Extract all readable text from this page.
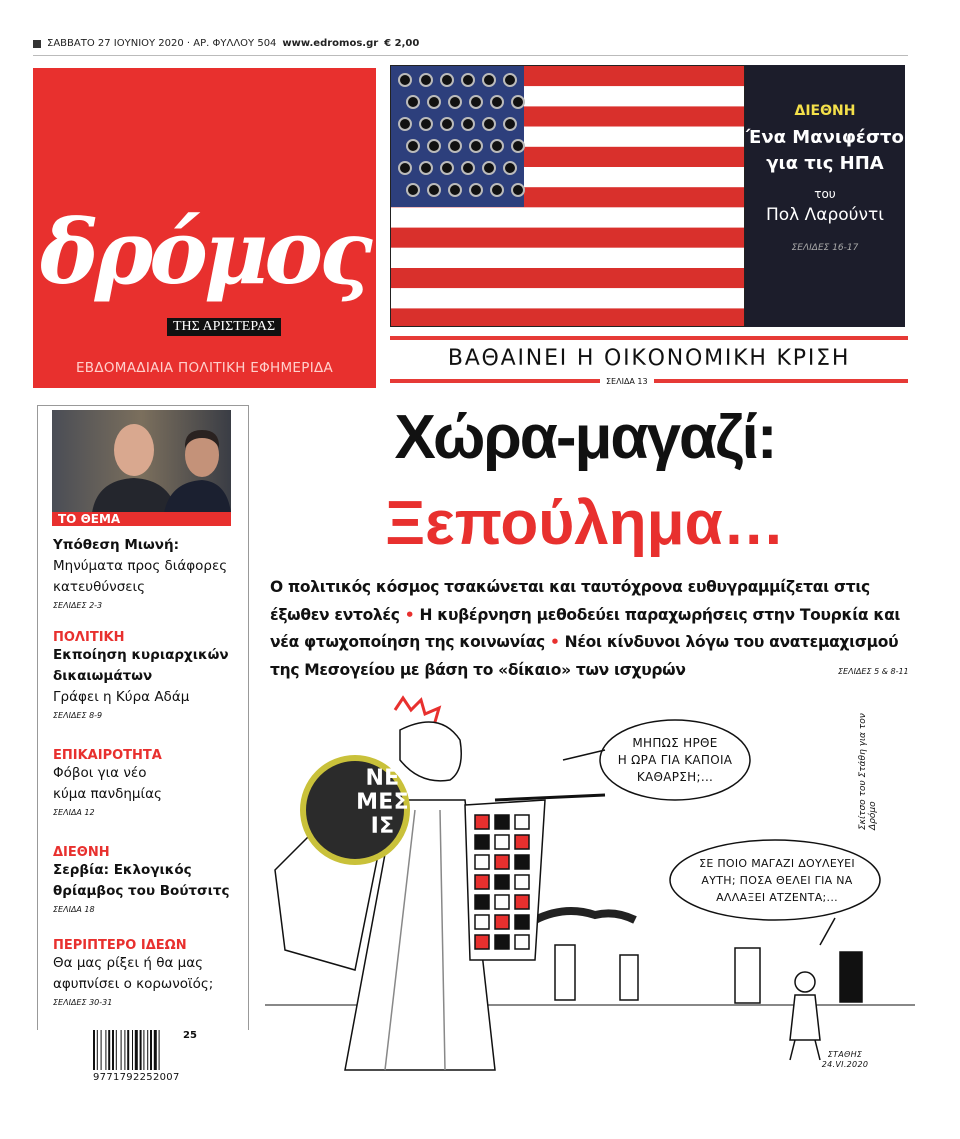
ΣΑΒΒΑΤΟ 27 ΙΟΥΝΙΟΥ 2020 · ΑΡ. ΦΥΛΛΟΥ 504 www.edromos.gr € 2,00
δρόμος
ΤΗΣ ΑΡΙΣΤΕΡΑΣ
ΕΒΔΟΜΑΔΙΑΙΑ ΠΟΛΙΤΙΚΗ ΕΦΗΜΕΡΙΔΑ
ΔΙΕΘΝΗ
Ένα Μανιφέστο για τις ΗΠΑ
του
Πολ Λαρούντι
ΣΕΛΙΔΕΣ 16-17
ΒΑΘΑΙΝΕΙ Η ΟΙΚΟΝΟΜΙΚΗ ΚΡΙΣΗ
ΣΕΛΙΔΑ 13
ΤΟ ΘΕΜΑ
Υπόθεση Μιωνή:
Μηνύματα προς διάφορες κατευθύνσεις
ΣΕΛΙΔΕΣ 2-3
ΠΟΛΙΤΙΚΗ
Εκποίηση κυριαρχικών δικαιωμάτων
Γράφει η Κύρα Αδάμ
ΣΕΛΙΔΕΣ 8-9
ΕΠΙΚΑΙΡΟΤΗΤΑ
Φόβοι για νέο κύμα πανδημίας
ΣΕΛΙΔΑ 12
ΔΙΕΘΝΗ
Σερβία: Εκλογικός θρίαμβος του Βούτσιτς
ΣΕΛΙΔΑ 18
ΠΕΡΙΠΤΕΡΟ ΙΔΕΩΝ
Θα μας ρίξει ή θα μας αφυπνίσει ο κορωνοϊός;
ΣΕΛΙΔΕΣ 30-31
Χώρα-μαγαζί:
Ξεπούλημα…
Ο πολιτικός κόσμος τσακώνεται και ταυτόχρονα ευθυγραμμίζεται στις έξωθεν εντολές • Η κυβέρνηση μεθοδεύει παραχωρήσεις στην Τουρκία και νέα φτωχοποίηση της κοινωνίας • Νέοι κίνδυνοι λόγω του ανατεμαχισμού της Μεσογείου με βάση το «δίκαιο» των ισχυρών	ΣΕΛΙΔΕΣ 5 & 8-11
ΝΕ
ΜΕΣ
ΙΣ
ΜΗΠΩΣ ΗΡΘΕ
Η ΩΡΑ ΓΙΑ ΚΑΠΟΙΑ
ΚΑΘΑΡΣΗ;...
ΣΕ ΠΟΙΟ ΜΑΓΑΖΙ ΔΟΥΛΕΥΕΙ
ΑΥΤΗ; ΠΟΣΑ ΘΕΛΕΙ ΓΙΑ ΝΑ
ΑΛΛΑΞΕΙ ΑΤΖΕΝΤΑ;...
ΣΤΑΘΗΣ 24.VI.2020
Σκίτσο του Στάθη για τον Δρόμο
9771792252007
25
